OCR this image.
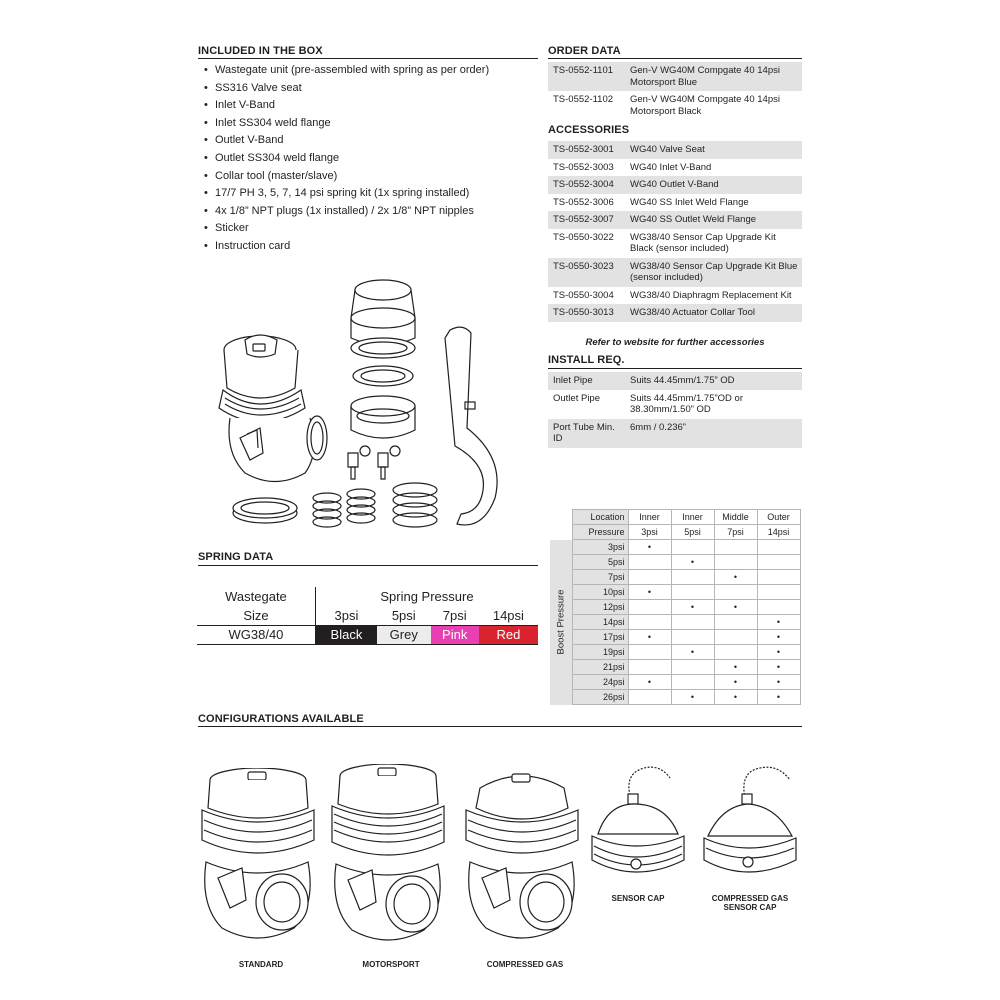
INCLUDED IN THE BOX
• Wastegate unit (pre-assembled with spring as per order)
• SS316 Valve seat
• Inlet V-Band
• Inlet SS304 weld flange
• Outlet V-Band
• Outlet SS304 weld flange
• Collar tool (master/slave)
• 17/7 PH 3, 5, 7, 14 psi spring kit (1x spring installed)
• 4x 1/8” NPT plugs (1x installed) / 2x 1/8” NPT nipples
• Sticker
• Instruction card
SPRING DATA
Wastegate	Spring Pressure			
Size	3psi	5psi	7psi	14psi
WG38/40	Black	Grey	Pink	Red
ORDER DATA
TS-0552-1101	Gen-V WG40M Compgate 40 14psi Motorsport Blue
TS-0552-1102	Gen-V WG40M Compgate 40 14psi Motorsport Black
ACCESSORIES
TS-0552-3001	WG40 Valve Seat
TS-0552-3003	WG40 Inlet V-Band
TS-0552-3004	WG40 Outlet V-Band
TS-0552-3006	WG40 SS Inlet Weld Flange
TS-0552-3007	WG40 SS Outlet Weld Flange
TS-0550-3022	WG38/40 Sensor Cap Upgrade Kit Black (sensor included)
TS-0550-3023	WG38/40 Sensor Cap Upgrade Kit Blue (sensor included)
TS-0550-3004	WG38/40 Diaphragm Replacement Kit
TS-0550-3013	WG38/40 Actuator Collar Tool
Refer to website for further accessories
INSTALL REQ.
Inlet Pipe	Suits 44.45mm/1.75” OD
Outlet Pipe	Suits 44.45mm/1.75”OD or 38.30mm/1.50” OD
Port Tube Min. ID	6mm / 0.236”
	Location	Inner	Inner	Middle	Outer
	Pressure	3psi	5psi	7psi	14psi

Boost Pressure	3psi	•			
	5psi		•		
	7psi			•	
	10psi	•			
	12psi		•	•	
	14psi				•
	17psi	•			•
	19psi		•		•
	21psi			•	•
	24psi	•		•	•
	26psi		•	•	•
CONFIGURATIONS AVAILABLE
STANDARD	MOTORSPORT	COMPRESSED GAS
SENSOR CAP	COMPRESSED GAS SENSOR CAP
